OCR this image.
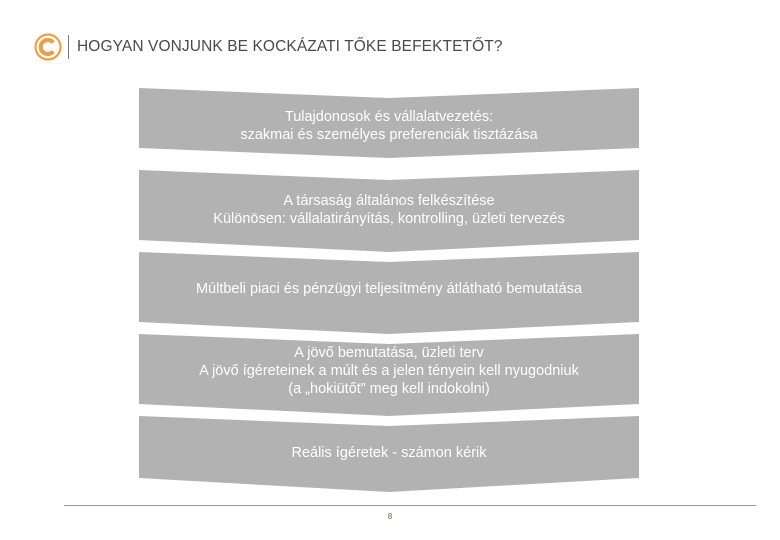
HOGYAN VONJUNK BE KOCKÁZATI TŐKE BEFEKTETŐT?
Tulajdonosok és vállalatvezetés:
szakmai és személyes preferenciák tisztázása
A társaság általános felkészítése
Különösen: vállalatirányítás, kontrolling, üzleti tervezés
Múltbeli piaci és pénzügyi teljesítmény átlátható bemutatása
A jövő bemutatása, üzleti terv
A jövő ígéreteinek a múlt és a jelen tényein kell nyugodniuk
(a „hokiütőt” meg kell indokolni)
Reális ígéretek - számon kérik
8
